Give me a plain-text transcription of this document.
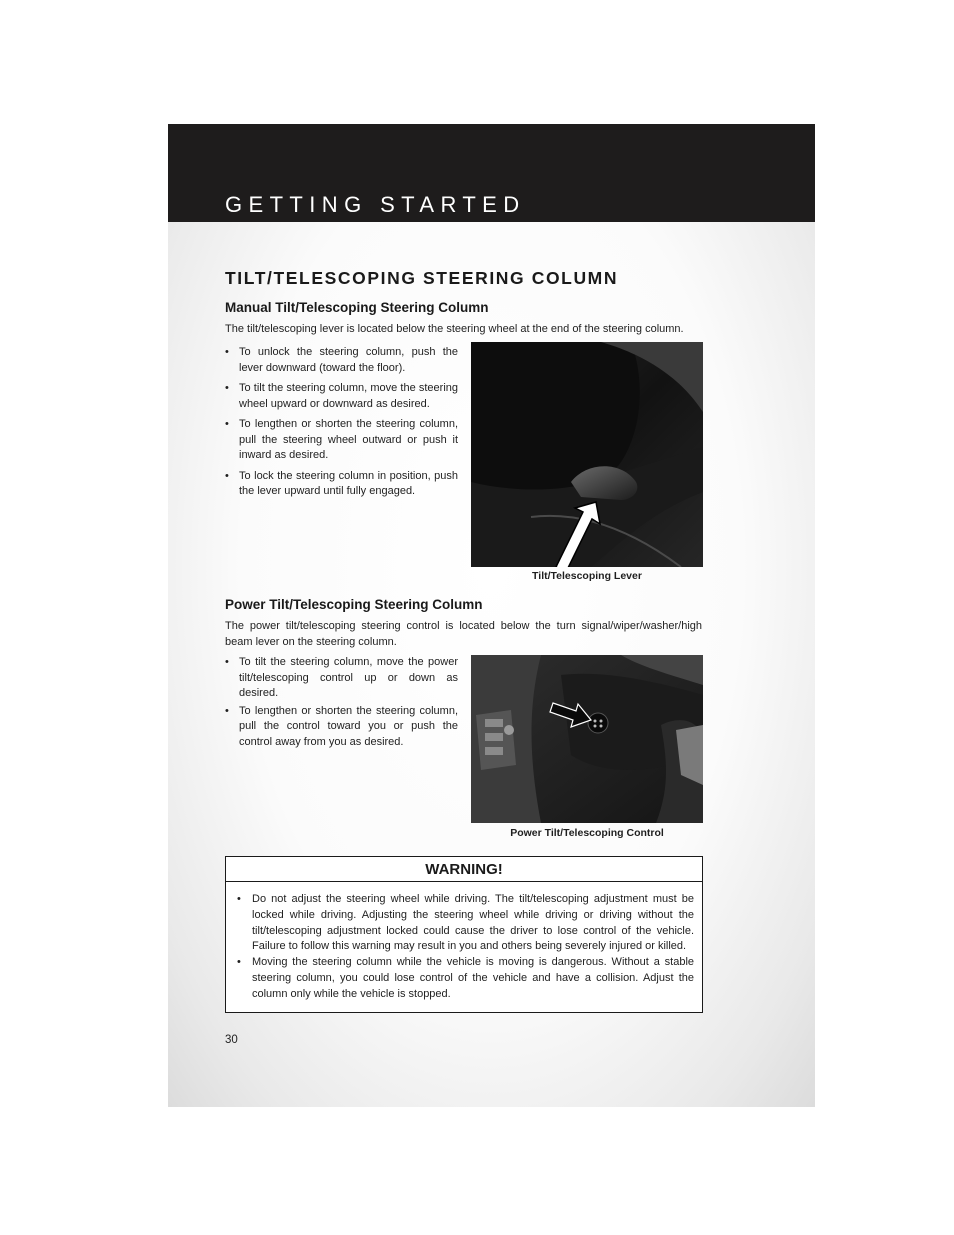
GETTING STARTED
TILT/TELESCOPING STEERING COLUMN
Manual Tilt/Telescoping Steering Column

The tilt/telescoping lever is located below the steering wheel at the end of the steering column.

• To unlock the steering column, push the lever downward (toward the floor).
• To tilt the steering column, move the steering wheel upward or downward as desired.
• To lengthen or shorten the steering column, pull the steering wheel outward or push it inward as desired.
• To lock the steering column in position, push the lever upward until fully engaged.
Tilt/Telescoping Lever
Power Tilt/Telescoping Steering Column

The power tilt/telescoping steering control is located below the turn signal/wiper/washer/high beam lever on the steering column.

• To tilt the steering column, move the power tilt/telescoping control up or down as desired.
• To lengthen or shorten the steering column, pull the control toward you or push the control away from you as desired.
Power Tilt/Telescoping Control
WARNING!
• Do not adjust the steering wheel while driving. The tilt/telescoping adjustment must be locked while driving. Adjusting the steering wheel while driving or driving without the tilt/telescoping adjustment locked could cause the driver to lose control of the vehicle. Failure to follow this warning may result in you and others being severely injured or killed.
• Moving the steering column while the vehicle is moving is dangerous. Without a stable steering column, you could lose control of the vehicle and have a collision. Adjust the column only while the vehicle is stopped.
30
